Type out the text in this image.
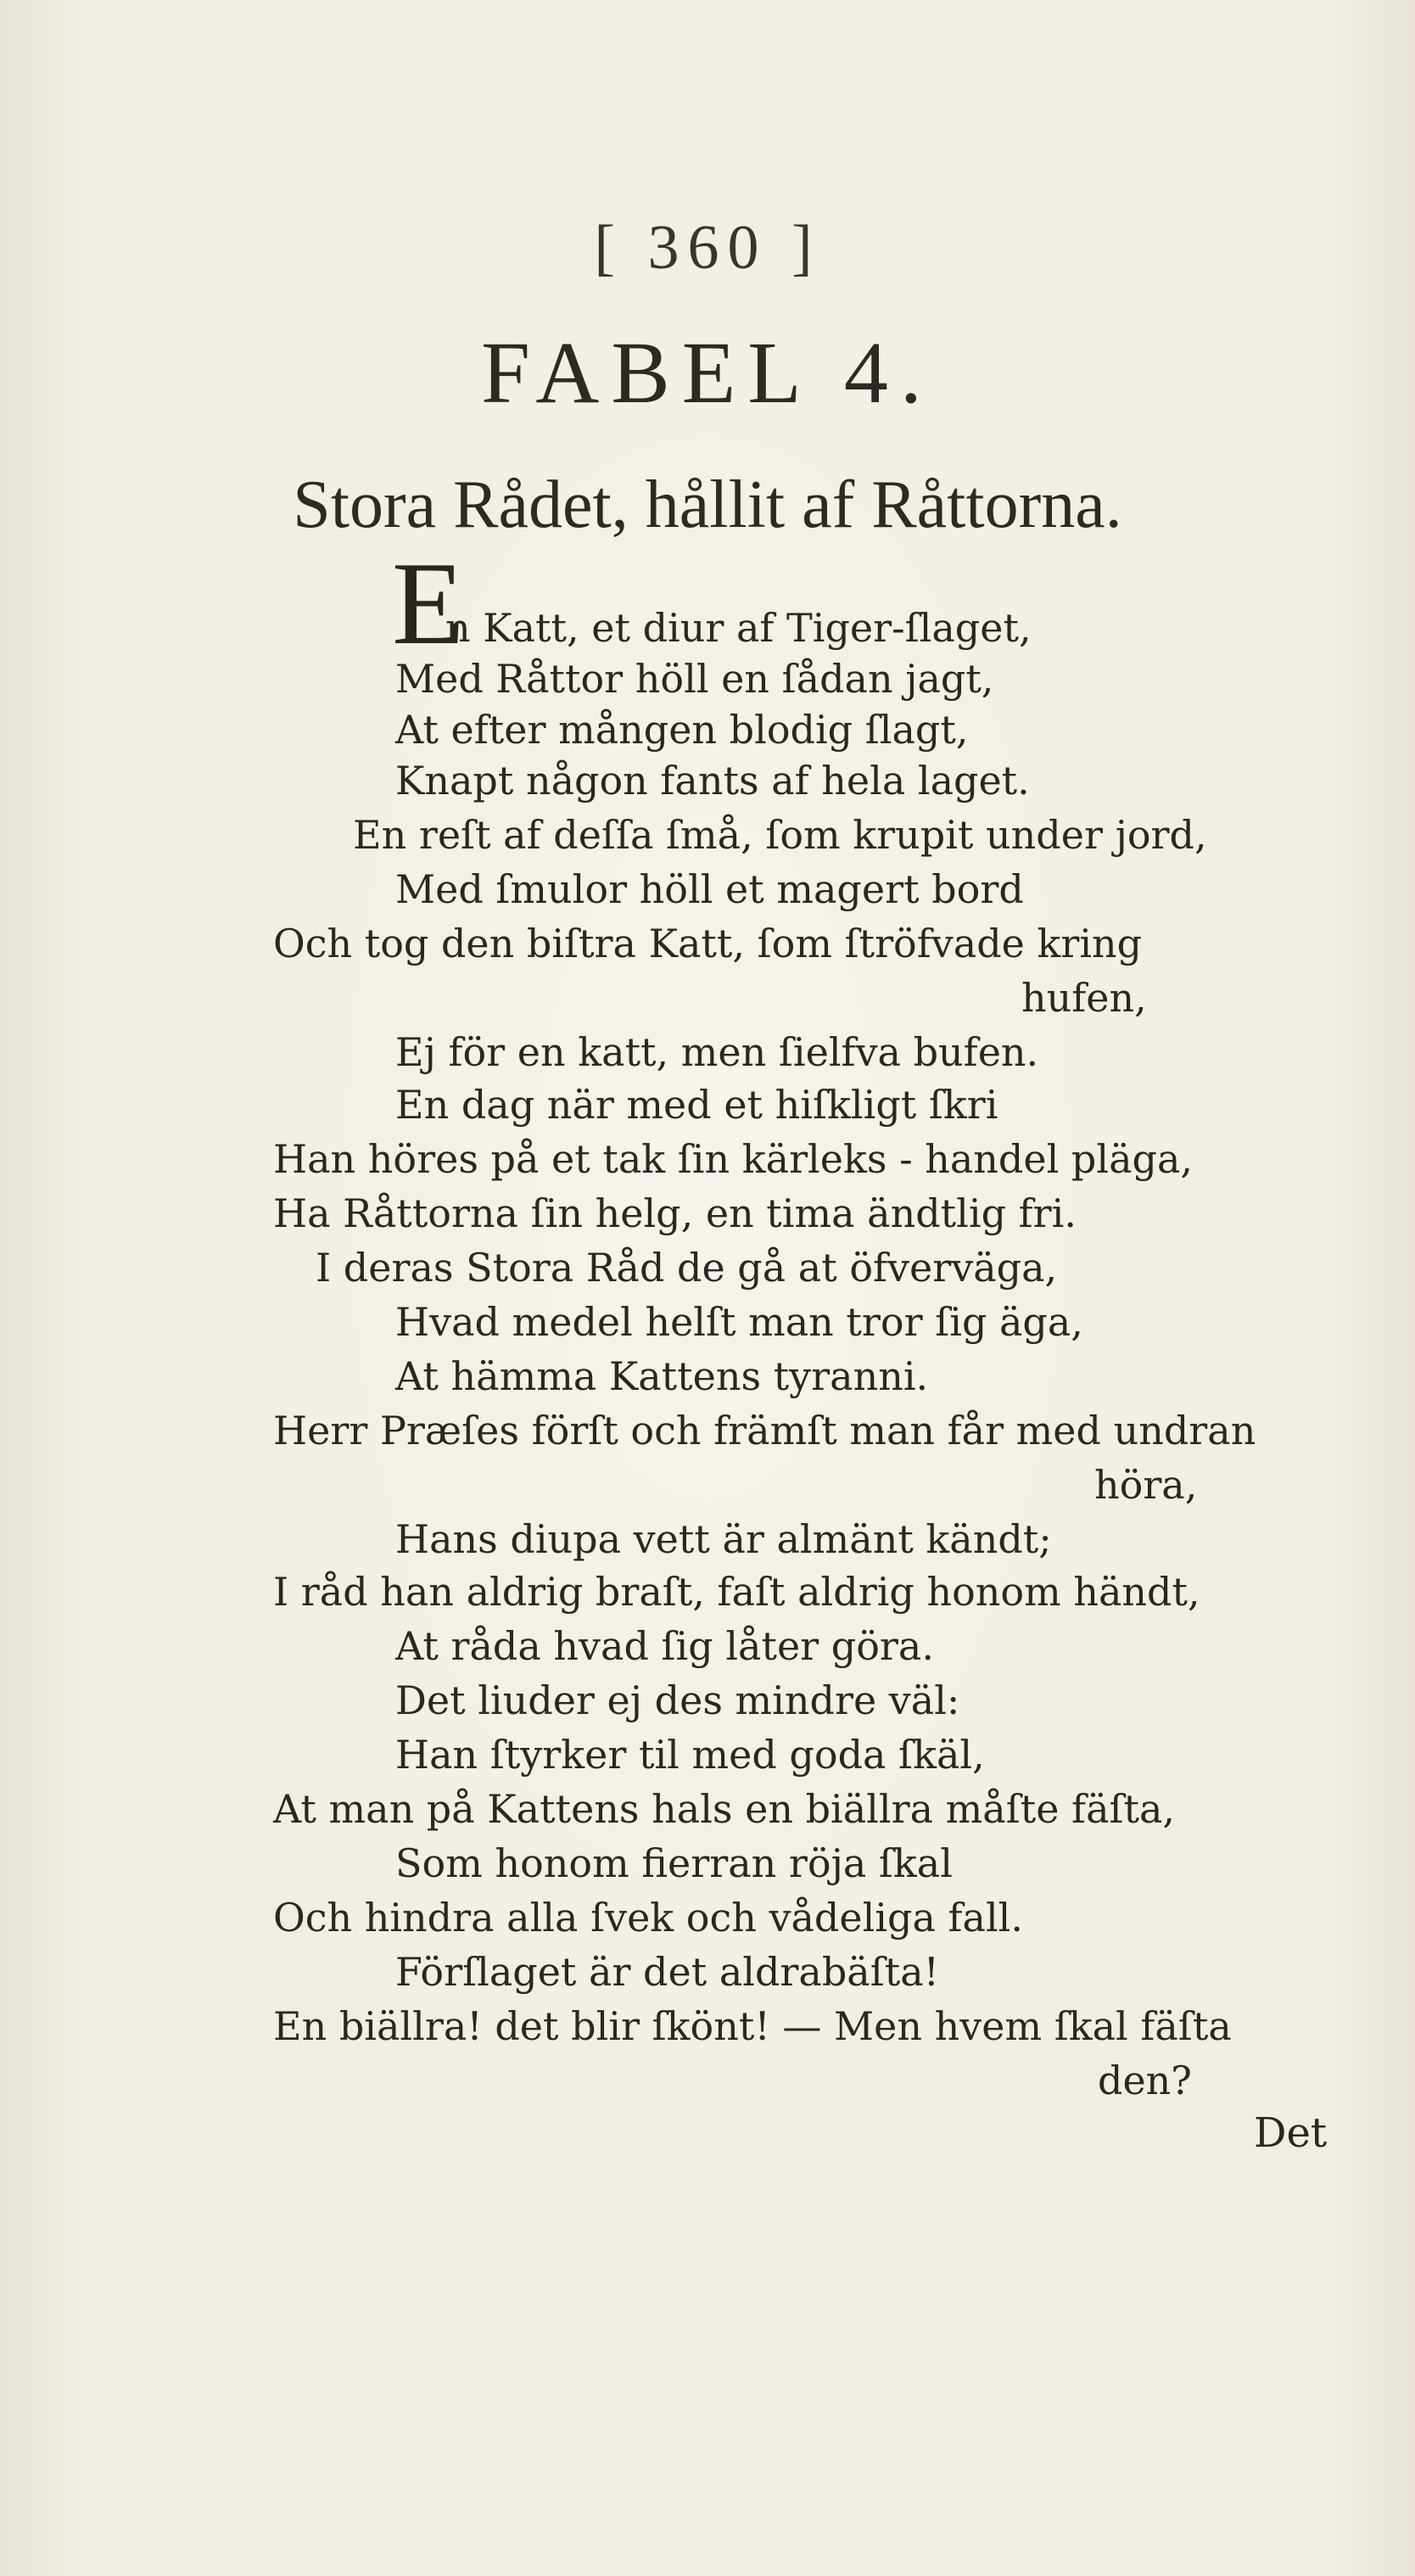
[ 360 ]
FABEL 4.
Stora Rådet, hållit af Råttorna.
E
n Katt, et diur af Tiger-ſlaget,
Med Råttor höll en ſådan jagt,
At efter mången blodig ſlagt,
Knapt någon fants af hela laget.
En reſt af deſſa ſmå, ſom krupit under jord,
Med ſmulor höll et magert bord
Och tog den biſtra Katt, ſom ſtröfvade kring
hufen,
Ej för en katt, men ſielfva bufen.
En dag när med et hiſkligt ſkri
Han höres på et tak ſin kärleks - handel pläga,
Ha Råttorna ſin helg, en tima ändtlig fri.
I deras Stora Råd de gå at öfverväga,
Hvad medel helſt man tror ſig äga,
At hämma Kattens tyranni.
Herr Præſes förſt och främſt man får med undran
höra,
Hans diupa vett är almänt kändt;
I råd han aldrig braſt, faſt aldrig honom händt,
At råda hvad ſig låter göra.
Det liuder ej des mindre väl:
Han ſtyrker til med goda ſkäl,
At man på Kattens hals en biällra måſte fäſta,
Som honom fierran röja ſkal
Och hindra alla ſvek och vådeliga fall.
Förſlaget är det aldrabäſta!
En biällra! det blir ſkönt! — Men hvem ſkal fäſta
den?
Det
